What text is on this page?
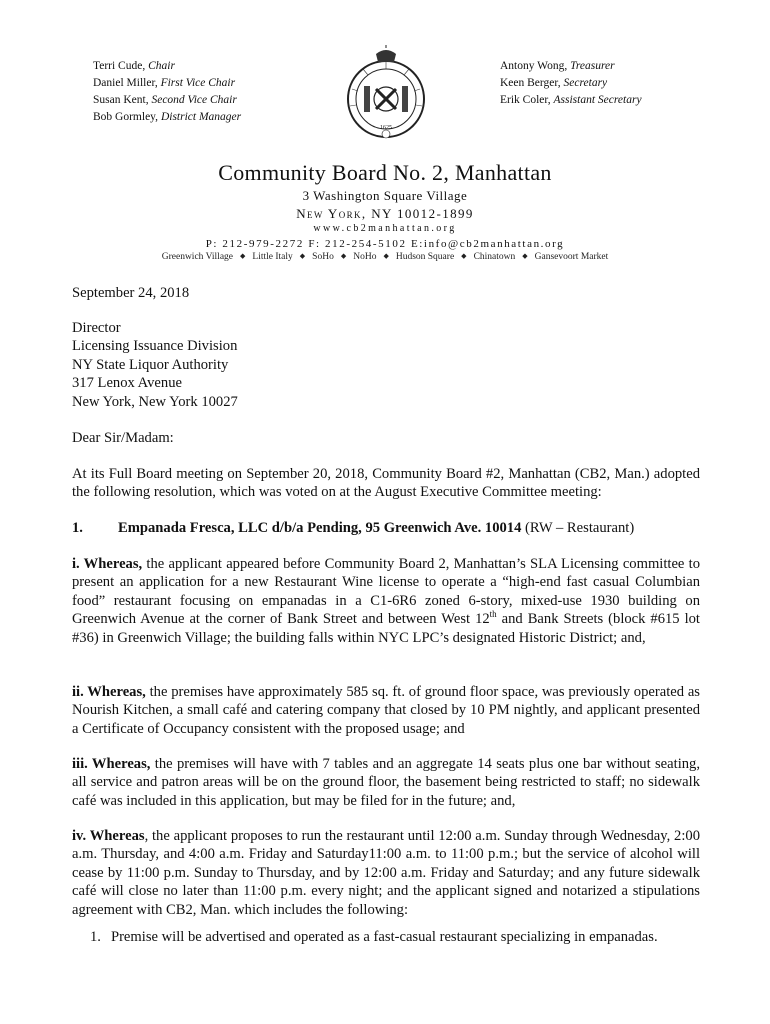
Terri Cude, Chair
Daniel Miller, First Vice Chair
Susan Kent, Second Vice Chair
Bob Gormley, District Manager
Antony Wong, Treasurer
Keen Berger, Secretary
Erik Coler, Assistant Secretary
1625
Community Board No. 2, Manhattan
3 Washington Square Village
New York, NY 10012-1899
www.cb2manhattan.org
P: 212-979-2272 F: 212-254-5102 E:info@cb2manhattan.org
Greenwich Village ◆ Little Italy ◆ SoHo ◆ NoHo ◆ Hudson Square ◆ Chinatown ◆ Gansevoort Market

September 24, 2018

Director
Licensing Issuance Division
NY State Liquor Authority
317 Lenox Avenue
New York, New York 10027

Dear Sir/Madam:

At its Full Board meeting on September 20, 2018, Community Board #2, Manhattan (CB2, Man.) adopted the following resolution, which was voted on at the August Executive Committee meeting:

1. Empanada Fresca, LLC d/b/a Pending, 95 Greenwich Ave. 10014 (RW – Restaurant)

i. Whereas, the applicant appeared before Community Board 2, Manhattan’s SLA Licensing committee to present an application for a new Restaurant Wine license to operate a “high-end fast casual Columbian food” restaurant focusing on empanadas in a C1-6R6 zoned 6-story, mixed-use 1930 building on Greenwich Avenue at the corner of Bank Street and between West 12th and Bank Streets (block #615 lot #36) in Greenwich Village; the building falls within NYC LPC’s designated Historic District; and,

ii. Whereas, the premises have approximately 585 sq. ft. of ground floor space, was previously operated as Nourish Kitchen, a small café and catering company that closed by 10 PM nightly, and applicant presented a Certificate of Occupancy consistent with the proposed usage; and

iii. Whereas, the premises will have with 7 tables and an aggregate 14 seats plus one bar without seating, all service and patron areas will be on the ground floor, the basement being restricted to staff; no sidewalk café was included in this application, but may be filed for in the future; and,

iv. Whereas, the applicant proposes to run the restaurant until 12:00 a.m. Sunday through Wednesday, 2:00 a.m. Thursday, and 4:00 a.m. Friday and Saturday11:00 a.m. to 11:00 p.m.; but the service of alcohol will cease by 11:00 p.m. Sunday to Thursday, and by 12:00 a.m. Friday and Saturday; and any future sidewalk café will close no later than 11:00 p.m. every night; and the applicant signed and notarized a stipulations agreement with CB2, Man. which includes the following:

1. Premise will be advertised and operated as a fast-casual restaurant specializing in empanadas.
